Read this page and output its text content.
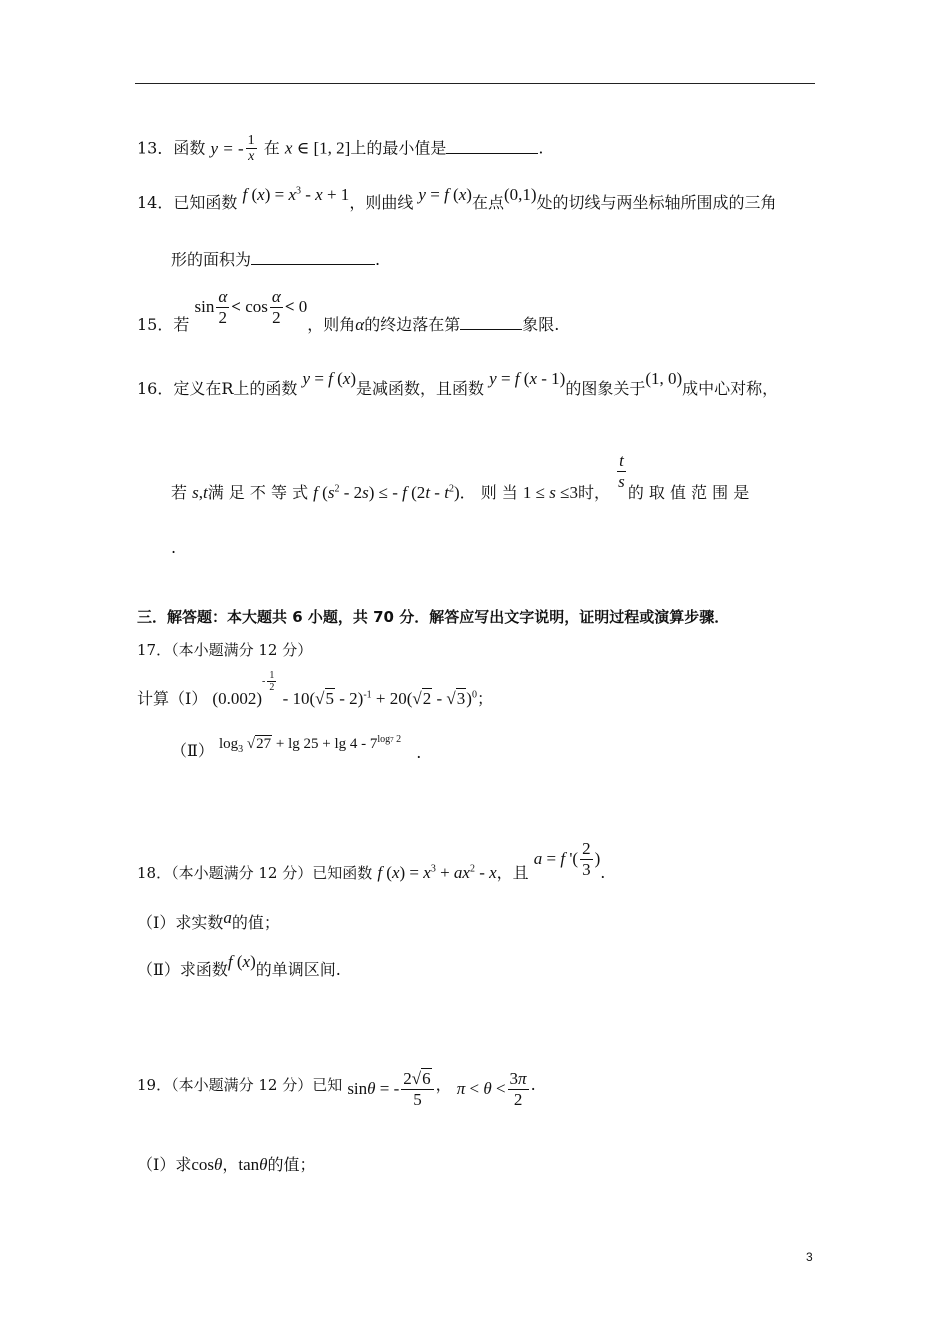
13．函数 y = - $\frac{1}{x}$ 在 x ∈ [1, 2]上的最小值是	.
14．已知函数 f $(x) = x^3 - x + 1$，则曲线 y = f (x)在点(0,1)处的切线与两坐标轴所围成的三角
形的面积为	.
15．若 $\sin \frac{\alpha}{2} < \cos \frac{\alpha}{2} < 0$，则角α的终边落在第	象限.
16．定义在R上的函数 y = f (x)是减函数，且函数 y = f (x - 1)的图象关于(1, 0)成中心对称，
若 s,t满 足 不 等 式 f $(s^2 - 2s)$ ≤ - f $(2t - t^2)$． 则 当 1 ≤ s ≤3时，
$\frac{t}{s}$
的 取 值 范 围 是
.
三．解答题：本大题共 6 小题，共 70 分．解答应写出文字说明，证明过程或演算步骤．
17．（本小题满分 12 分）
计算（Ⅰ） $(0.002)^{- \frac{1}{2}}$
- 10(√5 - 2)$^{-1}$ + 20(√2 - √3)$^0$；
（Ⅱ） $\log_3 √27 + \lg 25 + \lg 4 - 7^{log7 2}$ .
18．（本小题满分 12 分）已知函数 f $(x) = x^3 + ax^2 - x$，且 a = f '( $\frac{2}{3}$ ).
（Ⅰ）求实数a的值；
（Ⅱ）求函数f (x)的单调区间.
19．（本小题满分 12 分）已知 sinθ = - $\frac{2√6}{5}$ ， $\pi < \theta < \frac{3\pi}{2}$ .
（Ⅰ）求cosθ，tanθ的值；
3
